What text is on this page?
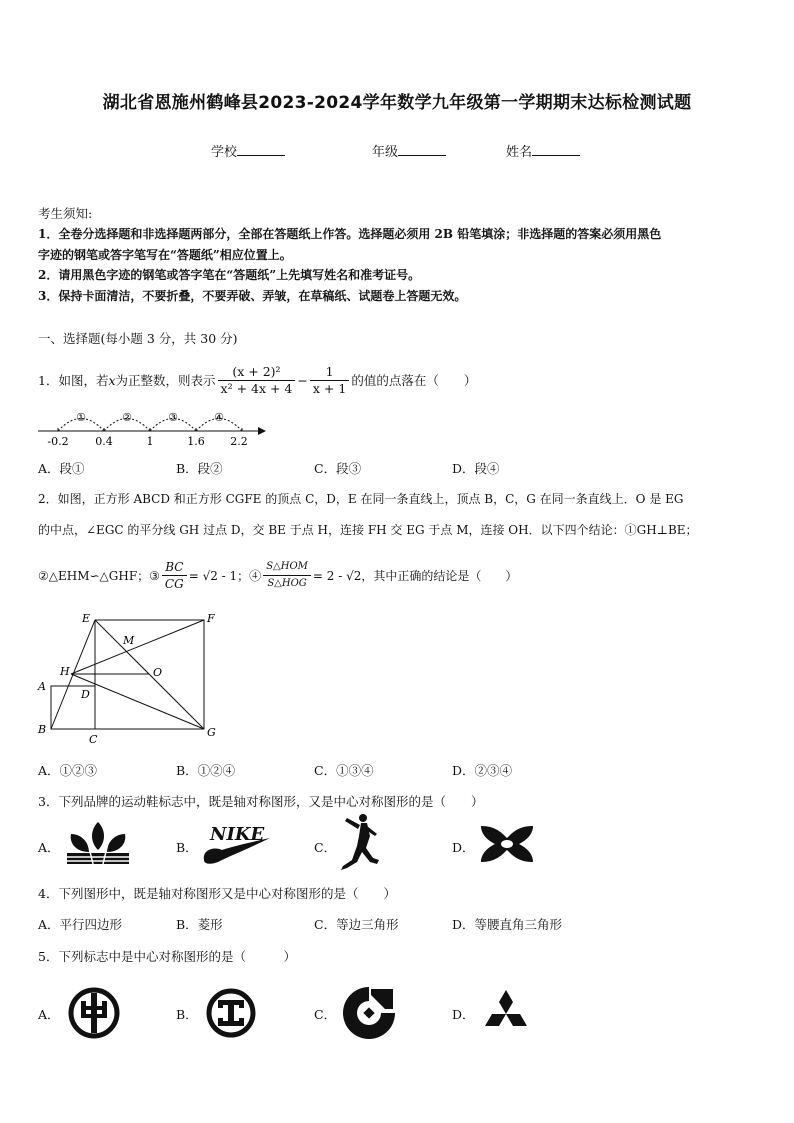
湖北省恩施州鹤峰县2023-2024学年数学九年级第一学期期末达标检测试题
学校	年级	姓名
考生须知:
1．全卷分选择题和非选择题两部分，全部在答题纸上作答。选择题必须用 2B 铅笔填涂；非选择题的答案必须用黑色
字迹的钢笔或答字笔写在“答题纸”相应位置上。
2．请用黑色字迹的钢笔或答字笔在“答题纸”上先填写姓名和准考证号。
3．保持卡面清洁，不要折叠，不要弄破、弄皱，在草稿纸、试题卷上答题无效。
一、选择题(每小题 3 分，共 30 分)
1．如图，若 x 为正整数，则表示 $\frac{\text{(x + 2)²}}{\text{x² + 4x + 4}} - \frac{1}{x + 1}$ 的值的点落在（　　）
①	②	③	④
-0.2 0.4	1	1.6 2.2
A．段①	B．段②	C．段③	D．段④
2．如图，正方形 ABCD 和正方形 CGFE 的顶点 C，D，E 在同一条直线上，顶点 B，C，G 在同一条直线上．O 是 EG
的中点，∠EGC 的平分线 GH 过点 D，交 BE 于点 H，连接 FH 交 EG 于点 M，连接 OH．以下四个结论：①GH⊥BE；
②△EHM∽△GHF；③ $\frac{BC}{CG} = √2 - 1$；④ $\frac{\text{S△HOM}}{\text{S△HOG}} = 2 - √2$，其中正确的结论是（　　）
E	F
M
H	O
A
D
B
C
G
A．①②③	B．①②④	C．①③④	D．②③④
3．下列品牌的运动鞋标志中，既是轴对称图形，又是中心对称图形的是（　　）
A．	B．	C．	D．
NIKE
4．下列图形中，既是轴对称图形又是中心对称图形的是（　　）
A．平行四边形	B．菱形	C．等边三角形	D．等腰直角三角形
5．下列标志中是中心对称图形的是（　　　）
A．	B．	C．	D．
